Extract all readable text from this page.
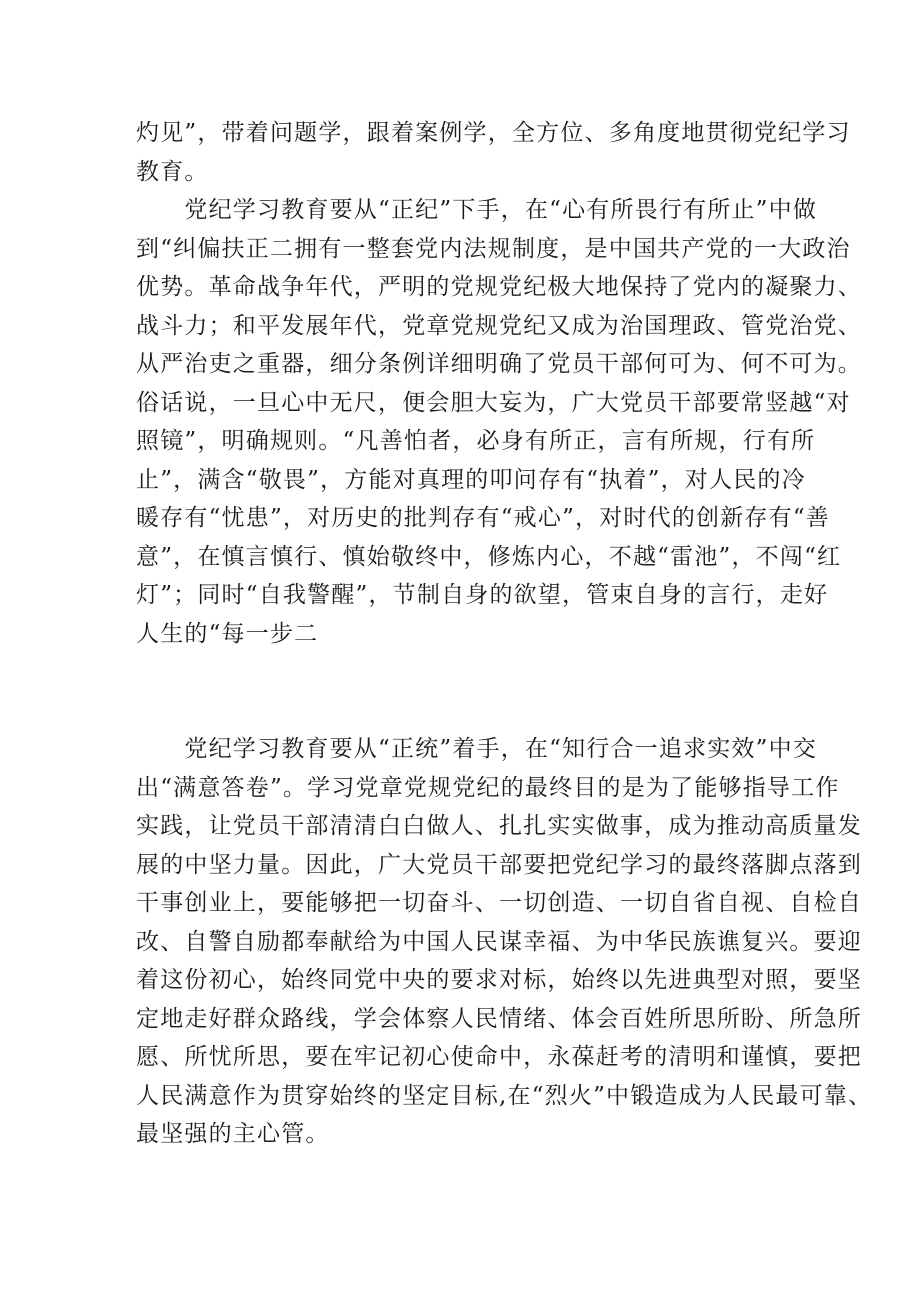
灼见”，带着问题学，跟着案例学，全方位、多角度地贯彻党纪学习
教育。
　　党纪学习教育要从“正纪”下手，在“心有所畏行有所止”中做
到“纠偏扶正二拥有一整套党内法规制度，是中国共产党的一大政治
优势。革命战争年代，严明的党规党纪极大地保持了党内的凝聚力、
战斗力；和平发展年代，党章党规党纪又成为治国理政、管党治党、
从严治吏之重器，细分条例详细明确了党员干部何可为、何不可为。
俗话说，一旦心中无尺，便会胆大妄为，广大党员干部要常竖越“对
照镜”，明确规则。“凡善怕者，必身有所正，言有所规，行有所
止”，满含“敬畏”，方能对真理的叩问存有“执着”，对人民的冷
暖存有“忧患”，对历史的批判存有“戒心”，对时代的创新存有“善
意”，在慎言慎行、慎始敬终中，修炼内心，不越“雷池”，不闯“红
灯”；同时“自我警醒”，节制自身的欲望，管束自身的言行，走好
人生的“每一步二
　　党纪学习教育要从“正统”着手，在“知行合一追求实效”中交
出“满意答卷”。学习党章党规党纪的最终目的是为了能够指导工作
实践，让党员干部清清白白做人、扎扎实实做事，成为推动高质量发
展的中坚力量。因此，广大党员干部要把党纪学习的最终落脚点落到
干事创业上，要能够把一切奋斗、一切创造、一切自省自视、自检自
改、自警自励都奉献给为中国人民谋幸福、为中华民族谯复兴。要迎
着这份初心，始终同党中央的要求对标，始终以先进典型对照，要坚
定地走好群众路线，学会体察人民情绪、体会百姓所思所盼、所急所
愿、所忧所思，要在牢记初心使命中，永葆赶考的清明和谨慎，要把
人民满意作为贯穿始终的坚定目标,在“烈火”中锻造成为人民最可靠、
最坚强的主心管。
